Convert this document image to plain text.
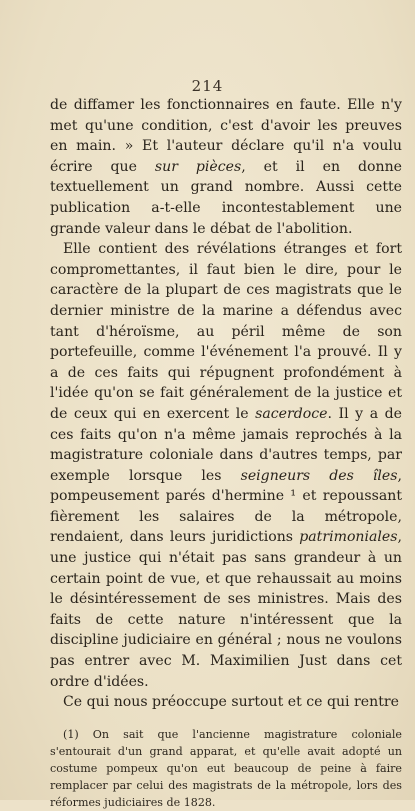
214

de diffamer les fonctionnaires en faute. Elle n'y met qu'une condition, c'est d'avoir les preuves en main. » Et l'auteur déclare qu'il n'a voulu écrire que sur pièces, et il en donne textuellement un grand nombre. Aussi cette publication a-t-elle incontestablement une grande valeur dans le débat de l'abolition.

Elle contient des révélations étranges et fort compromettantes, il faut bien le dire, pour le caractère de la plupart de ces magistrats que le dernier ministre de la marine a défendus avec tant d'héroïsme, au péril même de son portefeuille, comme l'événement l'a prouvé. Il y a de ces faits qui répugnent profondément à l'idée qu'on se fait généralement de la justice et de ceux qui en exercent le sacerdoce. Il y a de ces faits qu'on n'a même jamais reprochés à la magistrature coloniale dans d'autres temps, par exemple lorsque les seigneurs des îles, pompeusement parés d'hermine ¹ et repoussant fièrement les salaires de la métropole, rendaient, dans leurs juridictions patrimoniales, une justice qui n'était pas sans grandeur à un certain point de vue, et que rehaussait au moins le désintéressement de ses ministres. Mais des faits de cette nature n'intéressent que la discipline judiciaire en général ; nous ne voulons pas entrer avec M. Maximilien Just dans cet ordre d'idées.

Ce qui nous préoccupe surtout et ce qui rentre

(1) On sait que l'ancienne magistrature coloniale s'entourait d'un grand apparat, et qu'elle avait adopté un costume pompeux qu'on eut beaucoup de peine à faire remplacer par celui des magistrats de la métropole, lors des réformes judiciaires de 1828.
